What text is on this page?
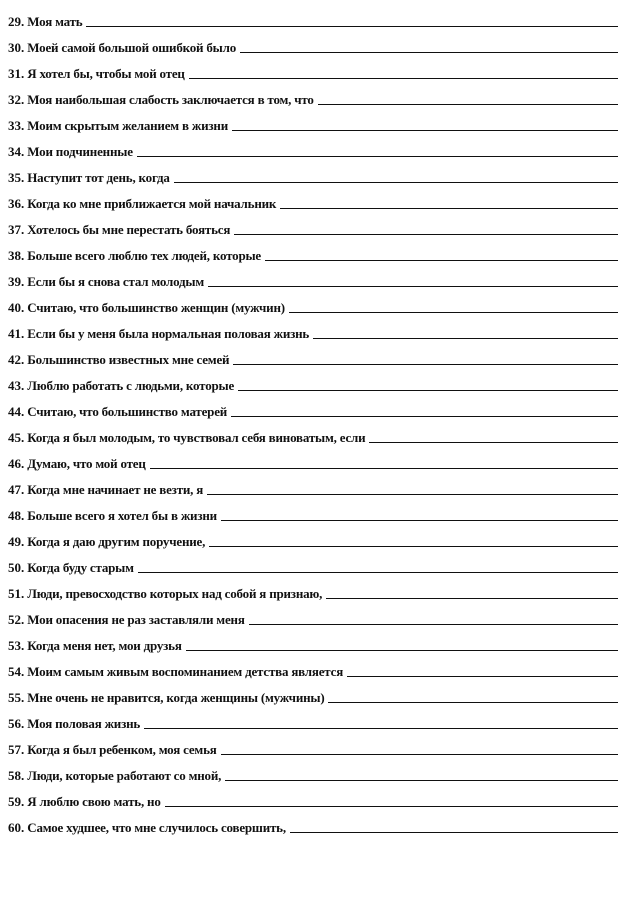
29. Моя мать
30. Моей самой большой ошибкой было
31. Я хотел бы, чтобы мой отец
32. Моя наибольшая слабость заключается в том, что
33. Моим скрытым желанием в жизни
34. Мои подчиненные
35. Наступит тот день, когда
36. Когда ко мне приближается мой начальник
37. Хотелось бы мне перестать бояться
38. Больше всего люблю тех людей, которые
39. Если бы я снова стал молодым
40. Считаю, что большинство женщин (мужчин)
41. Если бы у меня была нормальная половая жизнь
42. Большинство известных мне семей
43. Люблю работать с людьми, которые
44. Считаю, что большинство матерей
45. Когда я был молодым, то чувствовал себя виноватым, если
46. Думаю, что мой отец
47. Когда мне начинает не везти, я
48. Больше всего я хотел бы в жизни
49. Когда я даю другим поручение,
50. Когда буду старым
51. Люди, превосходство которых над собой я признаю,
52. Мои опасения не раз заставляли меня
53. Когда меня нет, мои друзья
54. Моим самым живым воспоминанием детства является
55. Мне очень не нравится, когда женщины (мужчины)
56. Моя половая жизнь
57. Когда я был ребенком, моя семья
58. Люди, которые работают со мной,
59. Я люблю свою мать, но
60. Самое худшее, что мне случилось совершить,
